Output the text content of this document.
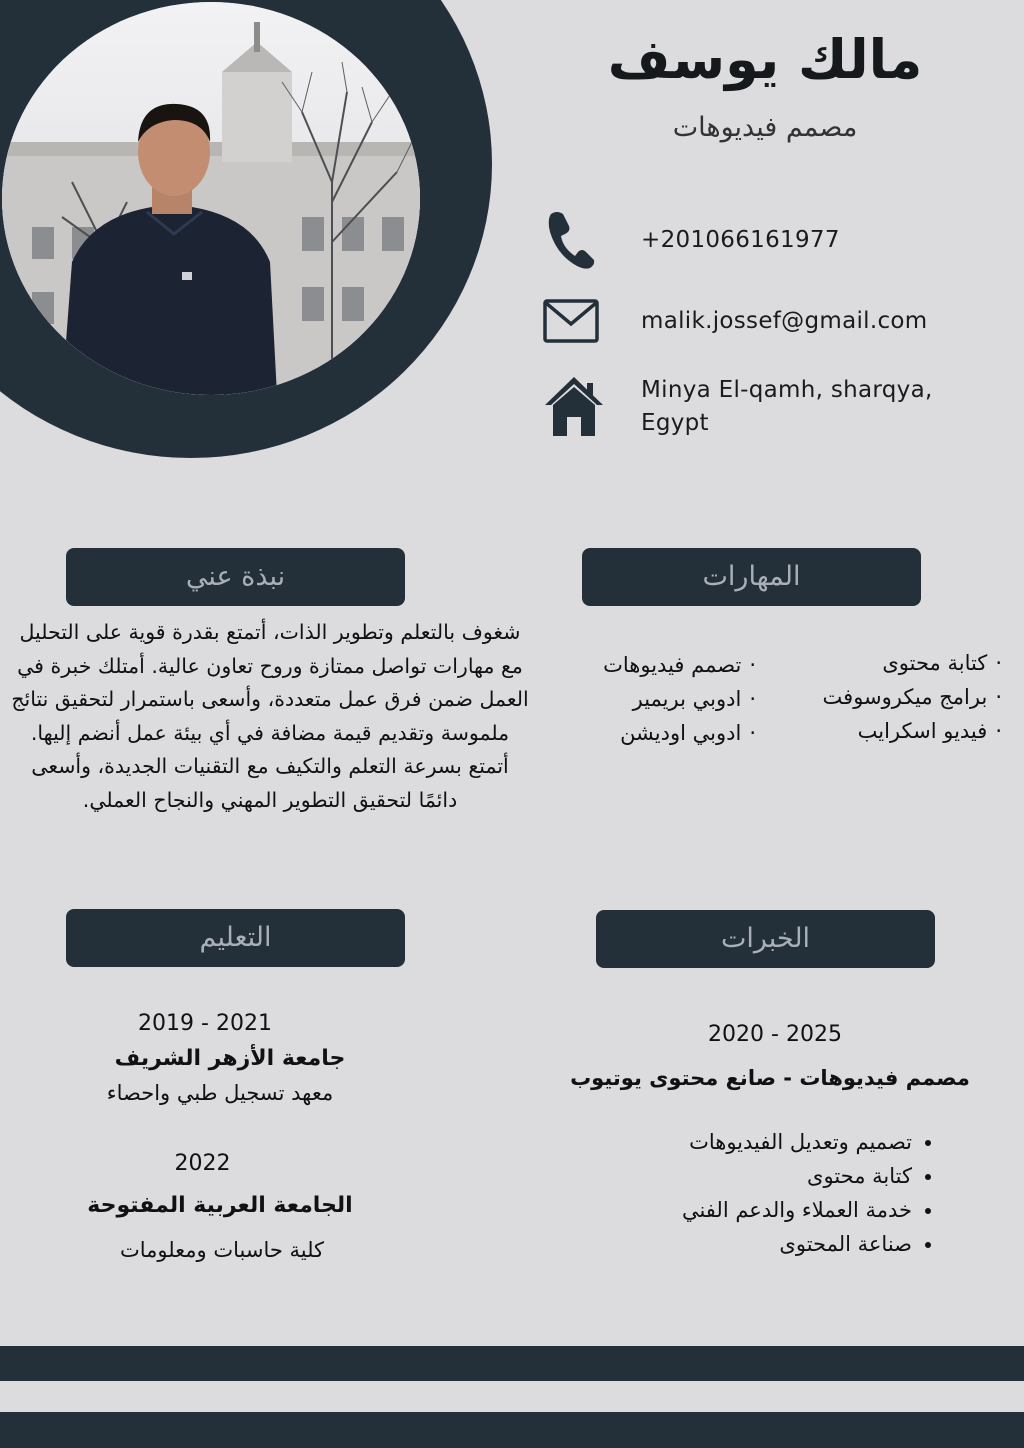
مالك يوسف
مصمم فيديوهات
+201066161977
malik.jossef@gmail.com
Minya El-qamh, sharqya,
Egypt
نبذة عني
شغوف بالتعلم وتطوير الذات، أتمتع بقدرة قوية على التحليل مع مهارات تواصل ممتازة وروح تعاون عالية. أمتلك خبرة في العمل ضمن فرق عمل متعددة، وأسعى باستمرار لتحقيق نتائج ملموسة وتقديم قيمة مضافة في أي بيئة عمل أنضم إليها. أتمتع بسرعة التعلم والتكيف مع التقنيات الجديدة، وأسعى دائمًا لتحقيق التطوير المهني والنجاح العملي.
المهارات
· كتابة محتوى
· برامج ميكروسوفت
· فيديو اسكرايب
· تصمم فيديوهات
· ادوبي بريمير
· ادوبي اوديشن
التعليم
2019 - 2021
جامعة الأزهر الشريف
معهد تسجيل طبي واحصاء
2022
الجامعة العربية المفتوحة
كلية حاسبات ومعلومات
الخبرات
2020 - 2025
مصمم فيديوهات - صانع محتوى يوتيوب
• تصميم وتعديل الفيديوهات
• كتابة محتوى
• خدمة العملاء والدعم الفني
• صناعة المحتوى
